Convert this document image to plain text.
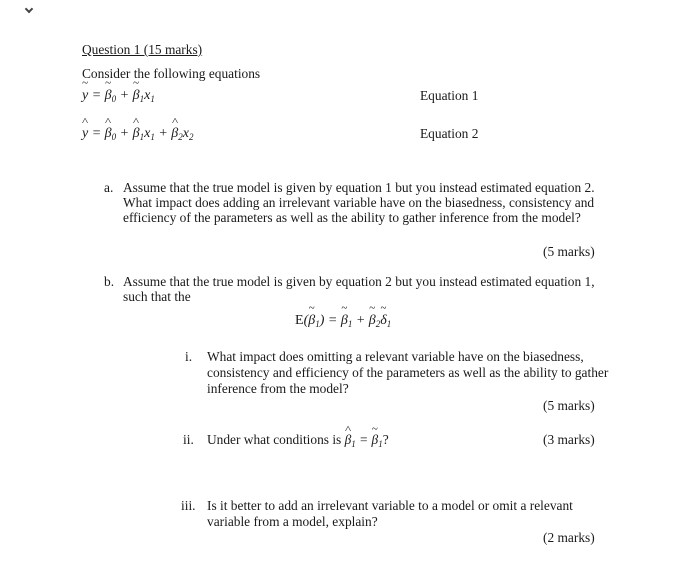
Question 1 (15 marks)
Consider the following equations
y ~ = β $\sim_0 + \beta$ $\sim_1x_1$	Equation 1
y ^ = β $\^{}_0 + \beta$ $\^{}_1x_1 + \beta$ $\^{}_2x_2$	Equation 2
a. Assume that the true model is given by equation 1 but you instead estimated equation 2.
What impact does adding an irrelevant variable have on the biasedness, consistency and
efficiency of the parameters as well as the ability to gather inference from the model?
(5 marks)
b. Assume that the true model is given by equation 2 but you instead estimated equation 1,
such that the
E(β $\sim_1) = \beta$ $\sim_1 + \beta$ $\sim_2\delta$ $\sim_1$
i. What impact does omitting a relevant variable have on the biasedness,
consistency and efficiency of the parameters as well as the ability to gather
inference from the model?
(5 marks)
ii. Under what conditions is β $\^{}_1 = \beta$ $\sim_1$?	(3 marks)
iii. Is it better to add an irrelevant variable to a model or omit a relevant
variable from a model, explain?
(2 marks)
